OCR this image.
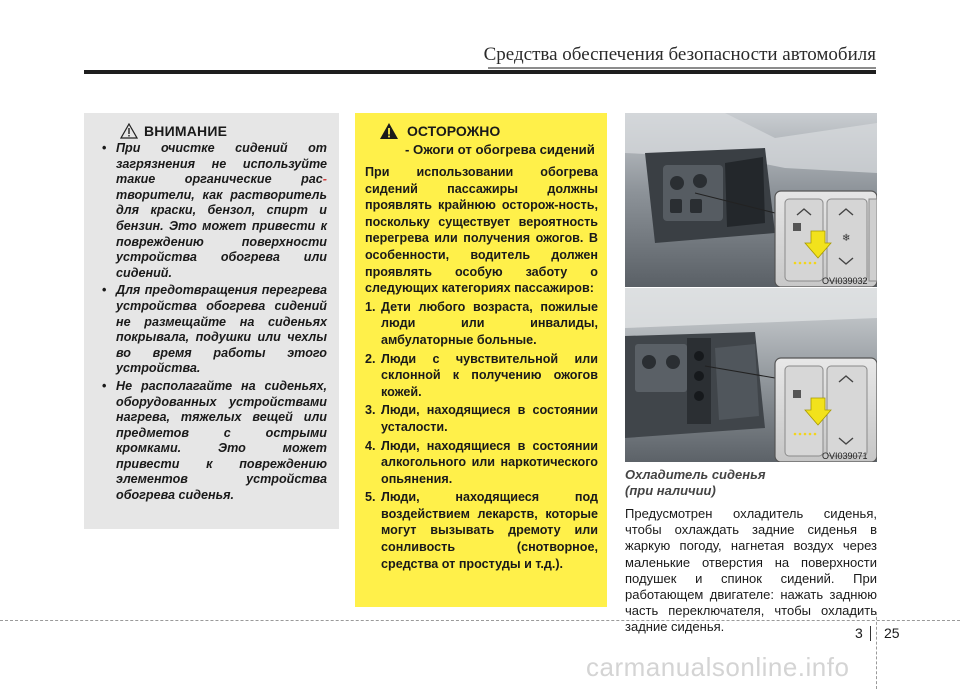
Средства обеспечения безопасности автомобиля
ВНИМАНИЕ
• При очистке сидений от загрязнения не используйте такие органические рас- творители, как растворитель для краски, бензол, спирт и бензин. Это может привести к повреждению поверхности устройства обогрева или сидений.
• Для предотвращения перегрева устройства обогрева сидений не размещайте на сиденьях покрывала, подушки или чехлы во время работы этого устройства.
• Не располагайте на сиденьях, оборудованных устройствами нагрева, тяжелых вещей или предметов с острыми кромками. Это может привести к повреждению элементов устройства обогрева сиденья.
ОСТОРОЖНО
- Ожоги от обогрева сидений
При использовании обогрева сидений пассажиры должны проявлять крайнюю осторож-ность, поскольку существует вероятность перегрева или получения ожогов. В особенности, водитель должен проявлять особую заботу о следующих категориях пассажиров:
1. Дети любого возраста, пожилые люди или инвалиды, амбулаторные больные.
2. Люди с чувствительной или склонной к получению ожогов кожей.
3. Люди, находящиеся в состоянии усталости.
4. Люди, находящиеся в состоянии алкогольного или наркотического опьянения.
5. Люди, находящиеся под воздействием лекарств, которые могут вызывать дремоту или сонливость (снотворное, средства от простуды и т.д.).
❄
OVI039032
OVI039071
Охладитель сиденья
(при наличии)
Предусмотрен охладитель сиденья, чтобы охлаждать задние сиденья в жаркую погоду, нагнетая воздух через маленькие отверстия на поверхности подушек и спинок сидений. При работающем двигателе: нажать заднюю часть переключателя, чтобы охладить задние сиденья.	3 25
carmanualsonline.info
